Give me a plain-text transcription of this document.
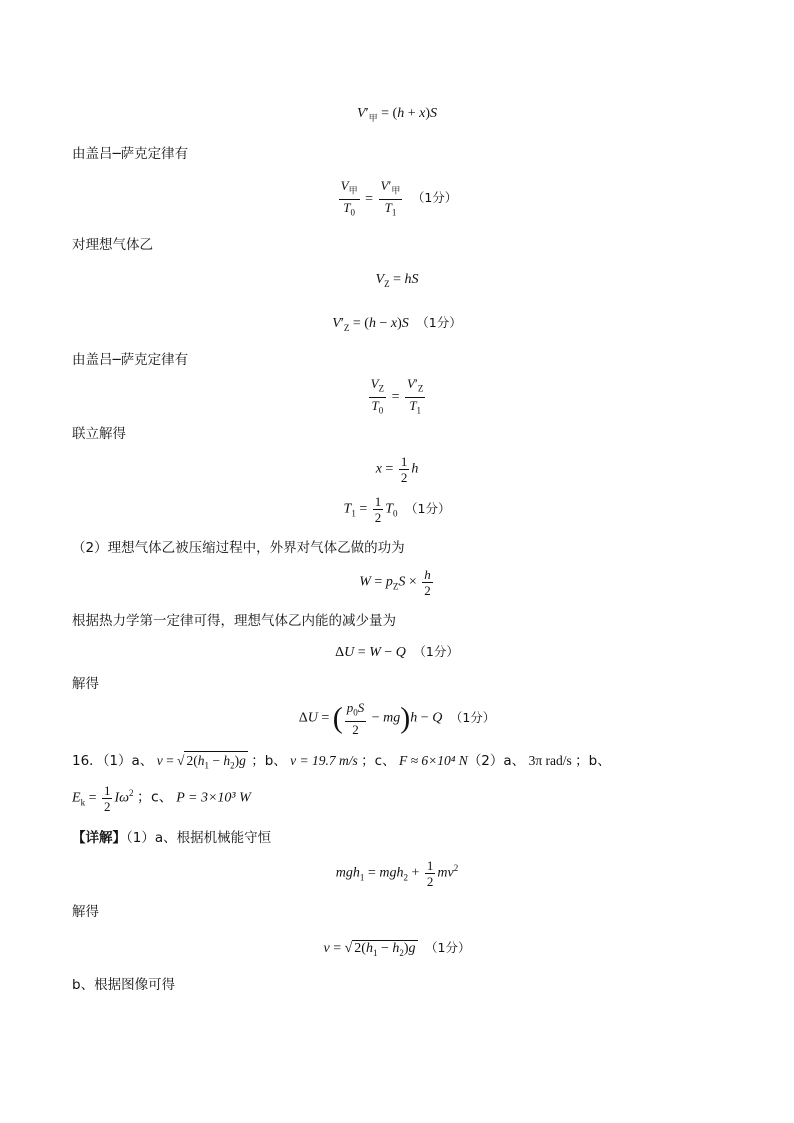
$V'_甲 = (h + x)S$
由盖吕─萨克定律有
$\frac{V_甲}{T_0} = \frac{V'_甲}{T_1} (1$分）
对理想气体乙
$V_Z$ = hS
$V'_Z = (h - x)S$ （1分）
由盖吕─萨克定律有
$\frac{V_Z}{T_0} = \frac{V'_Z}{T_1}$
联立解得
$x = \frac{1}{2}$ h
$T_1 = \frac{1}{2} T_0$ （1分）
（2）理想气体乙被压缩过程中，外界对气体乙做的功为
$W = p_ZS \times \frac{h}{2}$
根据热力学第一定律可得，理想气体乙内能的减少量为
ΔU = W − Q （1分）
解得
ΔU = ( $\frac{p_0S}{2} - mg)h - Q$ （1分）
16．（1）a、 v = √ $2(h_1 - h_2)g$ ；b、 v = 19.7 m/s ；c、 F ≈ 6×10⁴ N（2）a、 3π rad/s ；b、
$E_k = \frac{1}{2} I\omega^2$ ；c、 P = 3×10³ W
【详解】（1）a、根据机械能守恒
$mgh_1 = mgh_2 + \frac{1}{2} mv^2$
解得
v = √ $2(h_1 - h_2)g$ （1分）
b、根据图像可得
